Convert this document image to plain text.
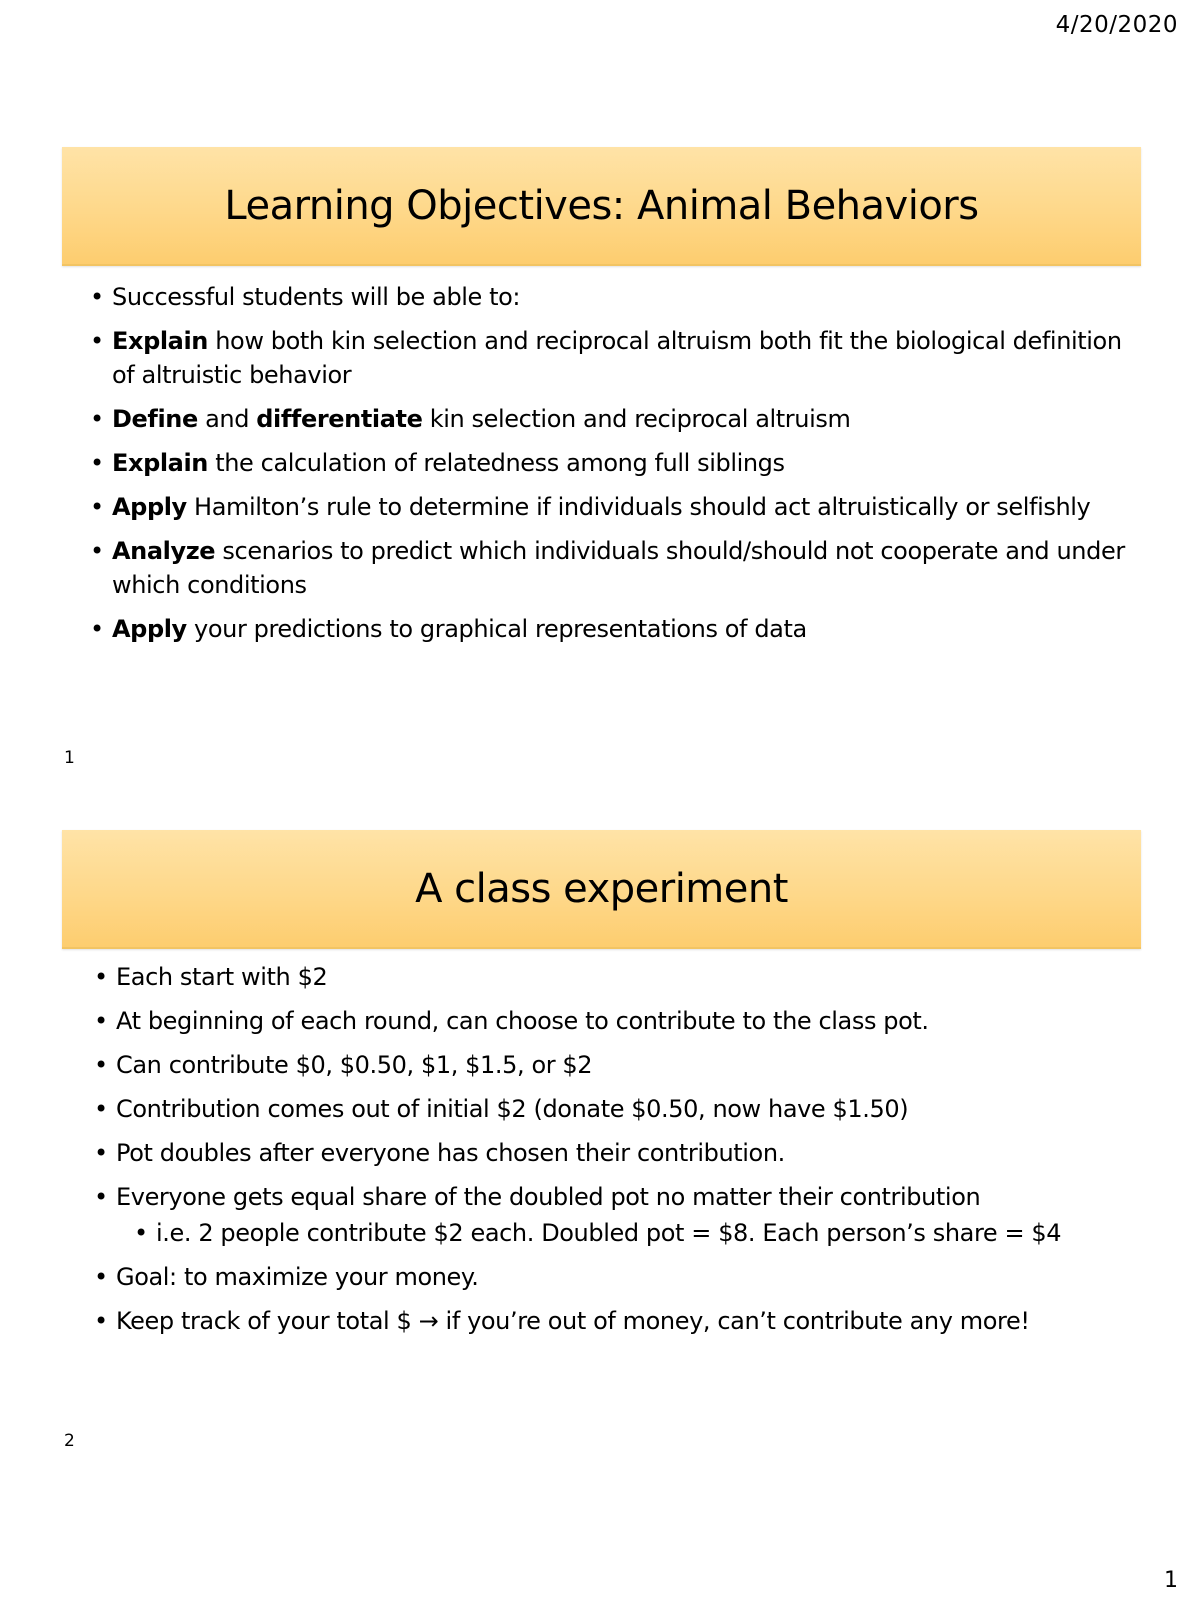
4/20/2020
Learning Objectives: Animal Behaviors
• Successful students will be able to:
• Explain how both kin selection and reciprocal altruism both fit the biological definition of altruistic behavior
• Define and differentiate kin selection and reciprocal altruism
• Explain the calculation of relatedness among full siblings
• Apply Hamilton’s rule to determine if individuals should act altruistically or selfishly
• Analyze scenarios to predict which individuals should/should not cooperate and under which conditions
• Apply your predictions to graphical representations of data
1
A class experiment
• Each start with $2
• At beginning of each round, can choose to contribute to the class pot.
• Can contribute $0, $0.50, $1, $1.5, or $2
• Contribution comes out of initial $2 (donate $0.50, now have $1.50)
• Pot doubles after everyone has chosen their contribution.
• Everyone gets equal share of the doubled pot no matter their contribution
• i.e. 2 people contribute $2 each. Doubled pot = $8. Each person’s share = $4
• Goal: to maximize your money.
• Keep track of your total $ → if you’re out of money, can’t contribute any more!
2
1
